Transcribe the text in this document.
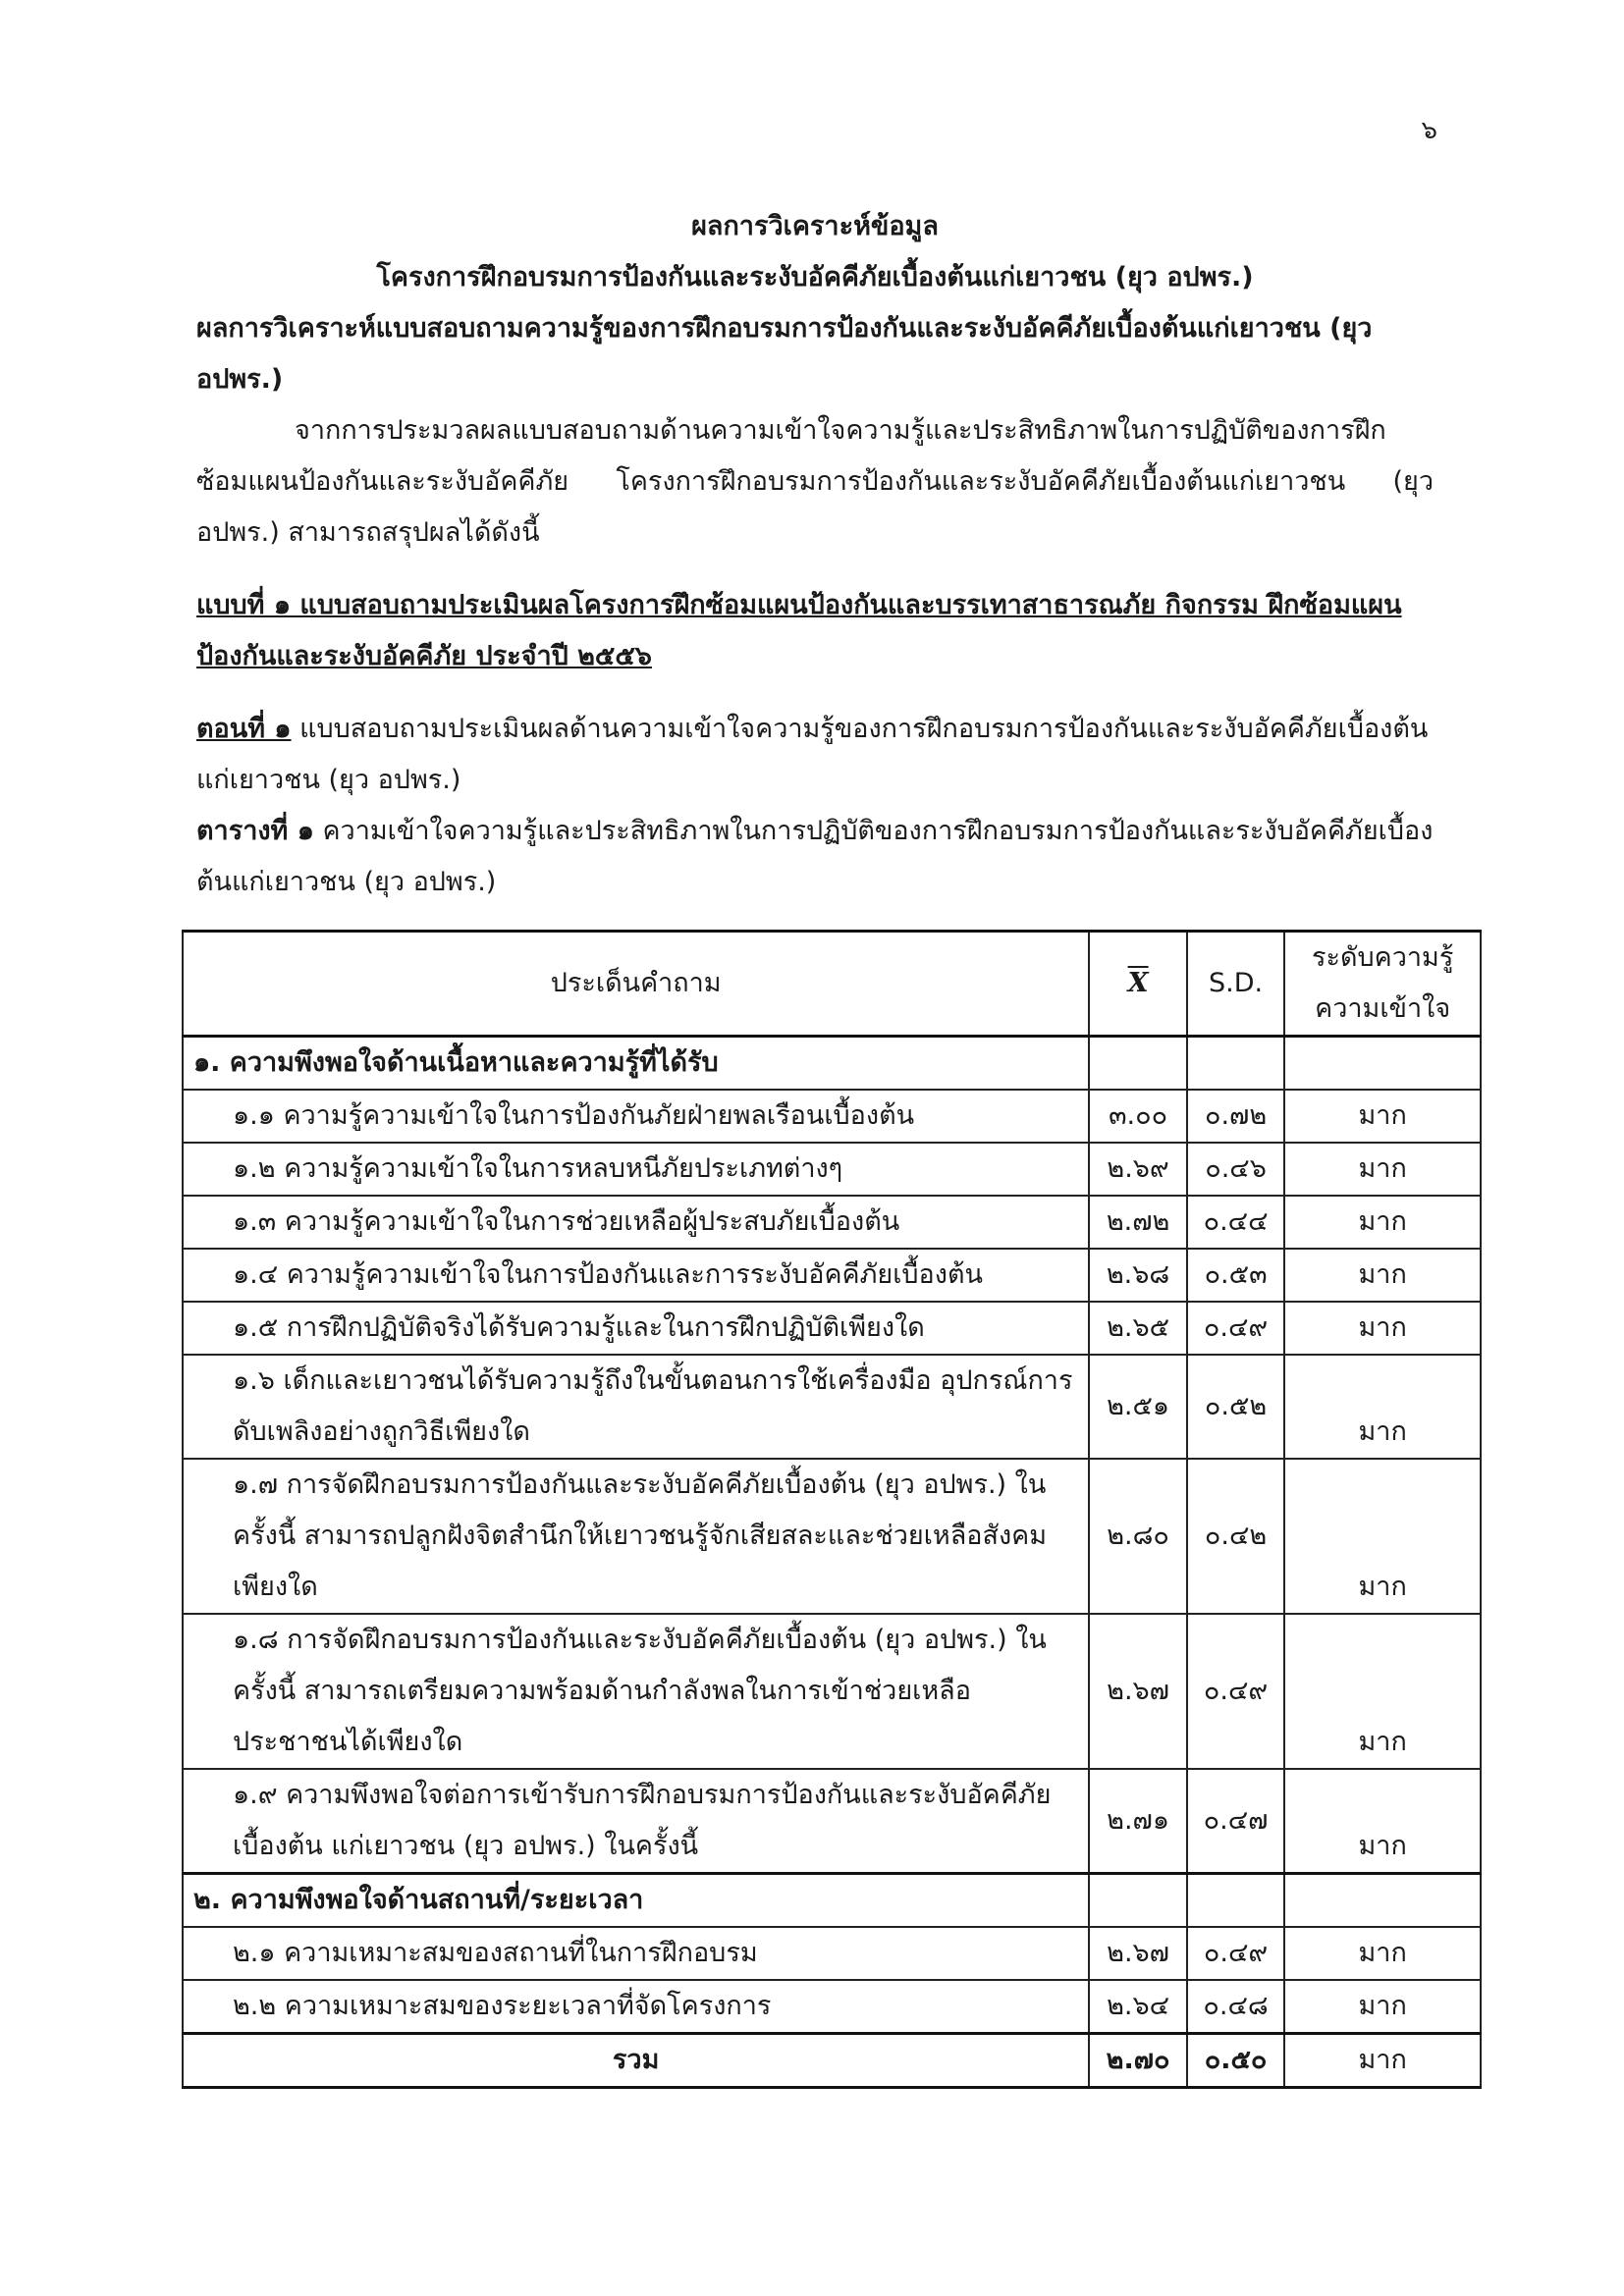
๖

ผลการวิเคราะห์ข้อมูล

โครงการฝึกอบรมการป้องกันและระงับอัคคีภัยเบื้องต้นแก่เยาวชน (ยุว อปพร.)

ผลการวิเคราะห์แบบสอบถามความรู้ของการฝึกอบรมการป้องกันและระงับอัคคีภัยเบื้องต้นแก่เยาวชน (ยุว อปพร.)

จากการประมวลผลแบบสอบถามด้านความเข้าใจความรู้และประสิทธิภาพในการปฏิบัติของการฝึกซ้อมแผนป้องกันและระงับอัคคีภัย โครงการฝึกอบรมการป้องกันและระงับอัคคีภัยเบื้องต้นแก่เยาวชน (ยุว อปพร.) สามารถสรุปผลได้ดังนี้

แบบที่ ๑ แบบสอบถามประเมินผลโครงการฝึกซ้อมแผนป้องกันและบรรเทาสาธารณภัย กิจกรรม ฝึกซ้อมแผนป้องกันและระงับอัคคีภัย ประจำปี ๒๕๕๖

ตอนที่ ๑ แบบสอบถามประเมินผลด้านความเข้าใจความรู้ของการฝึกอบรมการป้องกันและระงับอัคคีภัยเบื้องต้นแก่เยาวชน (ยุว อปพร.)

ตารางที่ ๑ ความเข้าใจความรู้และประสิทธิภาพในการปฏิบัติของการฝึกอบรมการป้องกันและระงับอัคคีภัยเบื้องต้นแก่เยาวชน (ยุว อปพร.)

ประเด็นคำถาม	$\overline{X}$	S.D.	ระดับความรู้ความเข้าใจ
๑. ความพึงพอใจด้านเนื้อหาและความรู้ที่ได้รับ			
๑.๑ ความรู้ความเข้าใจในการป้องกันภัยฝ่ายพลเรือนเบื้องต้น	๓.๐๐	๐.๗๒	มาก
๑.๒ ความรู้ความเข้าใจในการหลบหนีภัยประเภทต่างๆ	๒.๖๙	๐.๔๖	มาก
๑.๓ ความรู้ความเข้าใจในการช่วยเหลือผู้ประสบภัยเบื้องต้น	๒.๗๒	๐.๔๔	มาก
๑.๔ ความรู้ความเข้าใจในการป้องกันและการระงับอัคคีภัยเบื้องต้น	๒.๖๘	๐.๕๓	มาก
๑.๕ การฝึกปฏิบัติจริงได้รับความรู้และในการฝึกปฏิบัติเพียงใด	๒.๖๕	๐.๔๙	มาก
๑.๖ เด็กและเยาวชนได้รับความรู้ถึงในขั้นตอนการใช้เครื่องมือ อุปกรณ์การดับเพลิงอย่างถูกวิธีเพียงใด	๒.๕๑	๐.๕๒	มาก
๑.๗ การจัดฝึกอบรมการป้องกันและระงับอัคคีภัยเบื้องต้น (ยุว อปพร.) ในครั้งนี้ สามารถปลูกฝังจิตสำนึกให้เยาวชนรู้จักเสียสละและช่วยเหลือสังคมเพียงใด	๒.๘๐	๐.๔๒	มาก
๑.๘ การจัดฝึกอบรมการป้องกันและระงับอัคคีภัยเบื้องต้น (ยุว อปพร.) ในครั้งนี้ สามารถเตรียมความพร้อมด้านกำลังพลในการเข้าช่วยเหลือประชาชนได้เพียงใด	๒.๖๗	๐.๔๙	มาก
๑.๙ ความพึงพอใจต่อการเข้ารับการฝึกอบรมการป้องกันและระงับอัคคีภัยเบื้องต้น แก่เยาวชน (ยุว อปพร.) ในครั้งนี้	๒.๗๑	๐.๔๗	มาก
๒. ความพึงพอใจด้านสถานที่/ระยะเวลา			
๒.๑ ความเหมาะสมของสถานที่ในการฝึกอบรม	๒.๖๗	๐.๔๙	มาก
๒.๒ ความเหมาะสมของระยะเวลาที่จัดโครงการ	๒.๖๔	๐.๔๘	มาก
รวม	๒.๗๐	๐.๕๐	มาก
